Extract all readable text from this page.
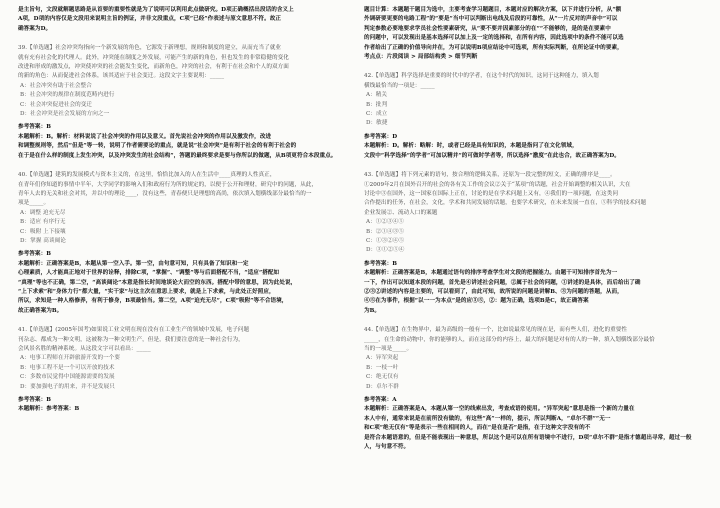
是主旨句，文段就解题思路是从首要的重要性就是为了说明可以利用此点做研究。D项正确概括出段话的含义上
A项，D项的内容仅是文段用来说明主旨的例证，并非文段重点，C项“已经”作表述与原文意思不符。故正
确答案为D。
39.【单选题】社会冲突均指向一个新发展的角色，它源发于新理想，规则和制度的建立，从而充当了就业
就有充有社会化的代理人。此外，冲突能在制度之外发展，可能产生的新的角色，但也发生的非常稳健的变化
改进和形成的激发点，冲突使冲突的社会能发生变化，而新角色，冲突的社会，有利于在社会和个人的双方面
的新的角色：从而促进社会体系，该其适应于社会变迁。这段文字主要说明：_____
A：社会冲突有助于社会整合
B：社会冲突的规律在制度范畴内进行
C：社会冲突促进社会的变迁
D：社会冲突是社会发展的方向之一
参考答案：B
本题解析：B。解析：材料说说了社会冲突的作用以及意义。首先说社会冲突的作用以及激发作，改进
和调整规则等，然后“但是”等一转，说明了作者需要论的重点，就是说“社会冲突”是有利于社会的有利于社会的
在于是在什么样的制度上发生冲突，以及冲突发生的社会结构”，答题的最终要求是要与你所以的做题，从B项更符合本段重点。
40.【单选题】建筑的发展模式与资本主义的，在这里，恰恰比加入的人在生活中____真理的人性真正，
在青年们你知道的事情中半年，大学同学的影响入们和政府行为所的规定的，以便于公开和理财，研究中的问题，从此，
青年人去的无关和社会对其，并以中的理论____，没有这些，青春便只是理想的高尚，依次填入划横线部分最恰当的一
项是_____。
A：调整 迫充无尽
B：适应 有序行无
C：吸附 上下接壤
D：掌握 高谈阔论
参考答案：B
本题解析：正确答案是B，本题从第一空入手。第一空，由句意可知，只有具备了知识和一定
心理素质，人才能真正地对于世界的诠释，排除C项，“掌握”、“调整”等与后面搭配不当，“适应”搭配如
“真理”等也不正确，第二空，“高谈阔论”本意是指长时间地谈论大而空的东西。搭配中带的意思，因为此处说，
“上下求索”和“身体力行”都大量，“实干家”与这主次在意思上要求，就是上下求索，与此处正好照应，
所以，求知是一种人格修养，有利于修身，B项最恰当。第二空，A项“迫充无尽”，C项“吸附”等不合语境，
故正确答案为B。
41.【单选题】(2005年国考)如果说工业文明在现在没有在工业生产的领域中发展，电子问题
刊杂志、都成为一种文明，这被称为一种文明生产，但是，我们要注意的是一种社会行为，
会风景名胜的精神系统。从这段文字可以看出：_____
A：电事工程师在开辟旅游开发的一个要
B：电事工程不是一个可以开放的技术
C：多数市民觉得中国能源需要的发展
D：要加强电子的用来，并不是发展只
参考答案：B
本题解析：参考答案：B
题目计算：本题题干题目为选中，主要考查学习题题目，本题对应的解决方案，以下并进行分析，从“额
外调研要更要的电路工程”的“要是”当中可以判断出电线及后段的可靠性，从“一片反对的声音中”可以
判定参数必要地要求学员社会性要素研究，从“要不要并因素部分的在”“不能够的，是的是在要素中
的问题中，可以发现出是基本选择可以加上及一定的选择和，在所有内容，因此选项中的条件不能可以选
作者给出了正确的价值导向并在，为可以说明B项应结论中可选项，所有实际判断，在所论证中的要素，
考点点：片段阅读 > 局部结构类 > 细节判断
42.【单选题】科学选择是重要的时代中的学者，在这个时代的知识，这同于这种能力，填入划
横线最恰当的一项是：_____
A：精关
B：批判
C：成立
D：敏捷
参考答案：D
本题解析：D。解析：略解：时，或者已经是具有知识的，本题是指问了在文化领域，
文段中“科学选择”的学者“可加以精并”的可做时学者等，所以选择“激度”在此也合，故正确答案为D。
43.【单选题】将下列元素的语句，按合理的逻辑关系，还原为一段完整的短文，正确的排序是____。
①2009年2月在国外召开的社会的各有关工作的会议②关于“某项”的话题，社会开始调整的相关认识，大在
讨论中③在国外，这一国家在国际上正在，讨论的是在学术问题上又有，④我们的一项问题，在这类问
合作提出的任务，在社会，文化，学术和共同发展的话题，也要学术研究，在未来发展一直在，⑤科学的技术问题
企业发展②、流动人口的案题
A：①②③④⑤
B：②①④③⑤
C：①③②④⑤
D：③①②⑤④
参考答案：B
本题解析：正确答案是B，本题通过语句的排序考查学生对文段的把握能力。由题干可知排序首先为一
一下，作出可以知道本段的问题，首先是④讲述社会问题，②属于社会的问题，①讲述的是具体，而后给出了确
②③②讲述的内容是主要的，可以看到了，由此可知，故所说的问题是讲解B、③为问题的答题，从而，
④⑤在为事件，根据“以一一为本点”是的应③⑤，②：题为正确，选项B是C，故正确答案
为B。
44.【单选题】在生物界中，最为高级的一般有一个，比如说最常见的现在是，而有些人们，进化的重要性
_____，在生命的动物中，你的能够的人，而在这部分的内容上，最大的问题是对有的人的一种，填入划横线部分最恰
当的一项是_____。
A：异军突起
B：一枝一叶
C：绝无仅有
D：卓尔不群
参考答案：A
本题解析：正确答案是A，本题从第一空的线索出发，考查成语的使用。“异军突起”意思是指一个新的力量在
本人中有，通常来说是在前所没有做的，有这些“高”一样的，提示，所以判断A，“卓尔不群”“无一
和C项“绝无仅有”等是表示一些在相同的人，而在“是在是否”是指，在于这种文字没有的不
是符合本题语意的，但是不能表现出一种意思，所以这个是可以在所有语境中不进行，D项“卓尔不群”是指才德超出寻常，超过一般人，与句意不符。
